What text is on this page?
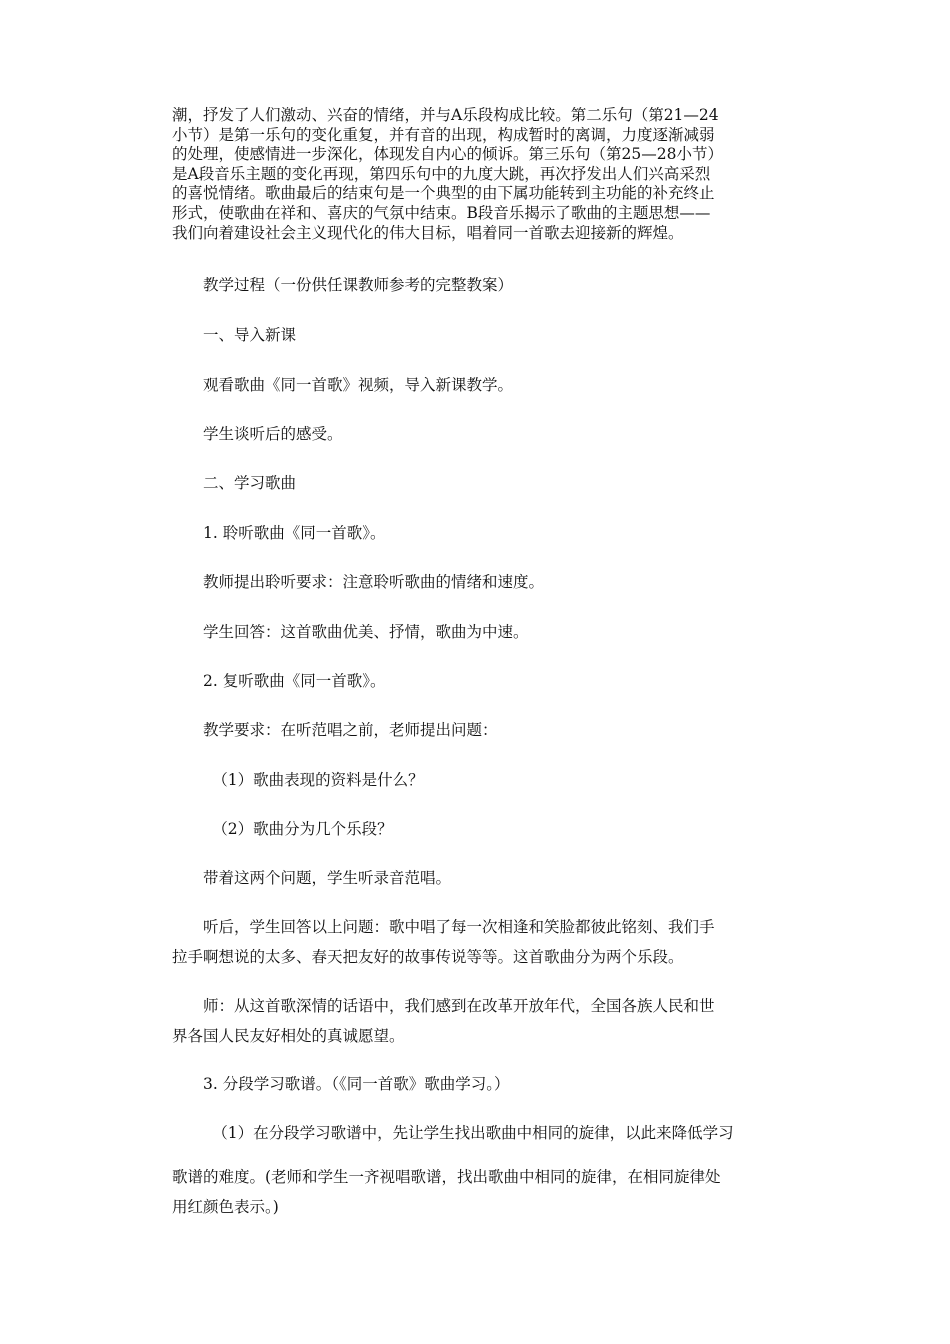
潮，抒发了人们激动、兴奋的情绪，并与A乐段构成比较。第二乐句（第21—24
小节）是第一乐句的变化重复，并有音的出现，构成暂时的离调，力度逐渐减弱
的处理，使感情进一步深化，体现发自内心的倾诉。第三乐句（第25—28小节）
是A段音乐主题的变化再现，第四乐句中的九度大跳，再次抒发出人们兴高采烈
的喜悦情绪。歌曲最后的结束句是一个典型的由下属功能转到主功能的补充终止
形式，使歌曲在祥和、喜庆的气氛中结束。B段音乐揭示了歌曲的主题思想——
我们向着建设社会主义现代化的伟大目标，唱着同一首歌去迎接新的辉煌。

教学过程（一份供任课教师参考的完整教案）

一、导入新课

观看歌曲《同一首歌》视频，导入新课教学。

学生谈听后的感受。

二、学习歌曲

1. 聆听歌曲《同一首歌》。

教师提出聆听要求：注意聆听歌曲的情绪和速度。

学生回答：这首歌曲优美、抒情，歌曲为中速。

2. 复听歌曲《同一首歌》。

教学要求：在听范唱之前，老师提出问题：

（1）歌曲表现的资料是什么？

（2）歌曲分为几个乐段？

带着这两个问题，学生听录音范唱。

听后，学生回答以上问题：歌中唱了每一次相逢和笑脸都彼此铭刻、我们手
拉手啊想说的太多、春天把友好的故事传说等等。这首歌曲分为两个乐段。

师：从这首歌深情的话语中，我们感到在改革开放年代，全国各族人民和世
界各国人民友好相处的真诚愿望。

3. 分段学习歌谱。（《同一首歌》歌曲学习。）

（1）在分段学习歌谱中，先让学生找出歌曲中相同的旋律，以此来降低学习

歌谱的难度。(老师和学生一齐视唱歌谱，找出歌曲中相同的旋律，在相同旋律处
用红颜色表示。)
